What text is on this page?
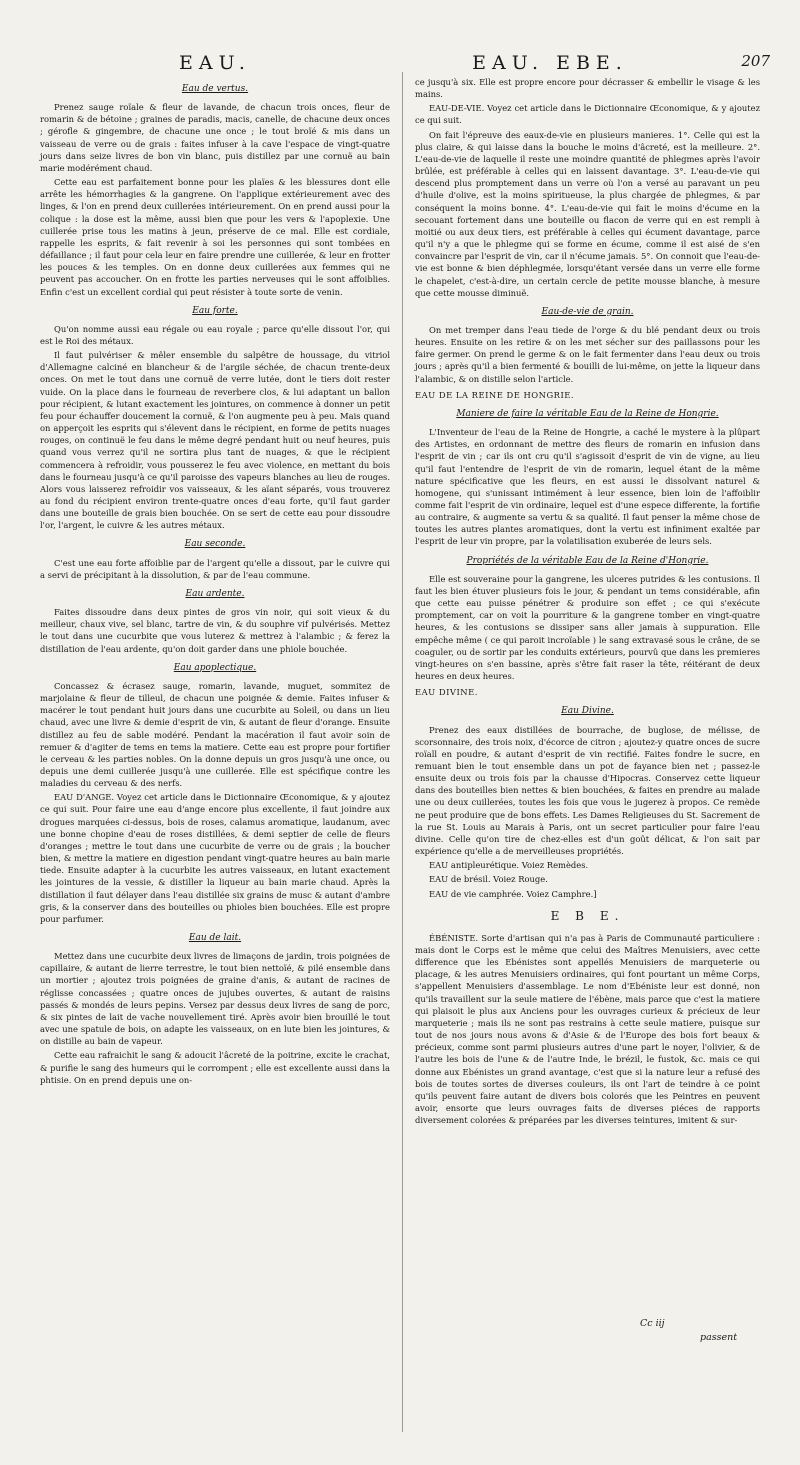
EAU.	EAU. EBE.	207
Eau de vertus.

Prenez sauge roïale & fleur de lavande, de chacun trois onces, fleur de romarin & de bétoine ; graines de paradis, macis, canelle, de chacune deux onces ; gérofle & gingembre, de chacune une once ; le tout broïé & mis dans un vaisseau de verre ou de grais : faites infuser à la cave l'espace de vingt-quatre jours dans seize livres de bon vin blanc, puis distillez par une cornuë au bain marie modérément chaud.

Cette eau est parfaitement bonne pour les plaïes & les blessures dont elle arrête les hémorrhagies & la gangrene. On l'applique extérieurement avec des linges, & l'on en prend deux cuillerées intérieurement. On en prend aussi pour la colique : la dose est la même, aussi bien que pour les vers & l'apoplexie. Une cuillerée prise tous les matins à jeun, préserve de ce mal. Elle est cordiale, rappelle les esprits, & fait revenir à soi les personnes qui sont tombées en défaillance ; il faut pour cela leur en faire prendre une cuillerée, & leur en frotter les pouces & les temples. On en donne deux cuillerées aux femmes qui ne peuvent pas accoucher. On en frotte les parties nerveuses qui le sont affoiblies. Enfin c'est un excellent cordial qui peut résister à toute sorte de venin.

Eau forte.

Qu'on nomme aussi eau régale ou eau royale ; parce qu'elle dissout l'or, qui est le Roi des métaux.

Il faut pulvériser & mêler ensemble du salpêtre de houssage, du vitriol d'Allemagne calciné en blancheur & de l'argile séchée, de chacun trente-deux onces. On met le tout dans une cornuë de verre lutée, dont le tiers doit rester vuide. On la place dans le fourneau de reverbere clos, & lui adaptant un ballon pour récipient, & lutant exactement les jointures, on commence à donner un petit feu pour échauffer doucement la cornuë, & l'on augmente peu à peu. Mais quand on apperçoit les esprits qui s'élevent dans le récipient, en forme de petits nuages rouges, on continuë le feu dans le même degré pendant huit ou neuf heures, puis quand vous verrez qu'il ne sortira plus tant de nuages, & que le récipient commencera à refroidir, vous pousserez le feu avec violence, en mettant du bois dans le fourneau jusqu'à ce qu'il paroisse des vapeurs blanches au lieu de rouges. Alors vous laisserez refroidir vos vaisseaux, & les aïant séparés, vous trouverez au fond du récipient environ trente-quatre onces d'eau forte, qu'il faut garder dans une bouteille de grais bien bouchée. On se sert de cette eau pour dissoudre l'or, l'argent, le cuivre & les autres métaux.

Eau seconde.

C'est une eau forte affoiblie par de l'argent qu'elle a dissout, par le cuivre qui a servi de précipitant à la dissolution, & par de l'eau commune.

Eau ardente.

Faites dissoudre dans deux pintes de gros vin noir, qui soit vieux & du meilleur, chaux vive, sel blanc, tartre de vin, & du souphre vif pulvérisés. Mettez le tout dans une cucurbite que vous luterez & mettrez à l'alambic ; & ferez la distillation de l'eau ardente, qu'on doit garder dans une phiole bouchée.

Eau apoplectique.

Concassez & écrasez sauge, romarin, lavande, muguet, sommitez de marjolaine & fleur de tilleul, de chacun une poignée & demie. Faites infuser & macérer le tout pendant huit jours dans une cucurbite au Soleil, ou dans un lieu chaud, avec une livre & demie d'esprit de vin, & autant de fleur d'orange. Ensuite distillez au feu de sable modéré. Pendant la macération il faut avoir soin de remuer & d'agiter de tems en tems la matiere. Cette eau est propre pour fortifier le cerveau & les parties nobles. On la donne depuis un gros jusqu'à une once, ou depuis une demi cuillerée jusqu'à une cuillerée. Elle est spécifique contre les maladies du cerveau & des nerfs.

EAU D'ANGE. Voyez cet article dans le Dictionnaire Œconomique, & y ajoutez ce qui suit. Pour faire une eau d'ange encore plus excellente, il faut joindre aux drogues marquées ci-dessus, bois de roses, calamus aromatique, laudanum, avec une bonne chopine d'eau de roses distillées, & demi septier de celle de fleurs d'oranges ; mettre le tout dans une cucurbite de verre ou de grais ; la boucher bien, & mettre la matiere en digestion pendant vingt-quatre heures au bain marie tiede. Ensuite adapter à la cucurbite les autres vaisseaux, en lutant exactement les jointures de la vessie, & distiller la liqueur au bain marie chaud. Après la distillation il faut délayer dans l'eau distillée six grains de musc & autant d'ambre gris, & la conserver dans des bouteilles ou phioles bien bouchées. Elle est propre pour parfumer.

Eau de lait.

Mettez dans une cucurbite deux livres de limaçons de jardin, trois poignées de capillaire, & autant de lierre terrestre, le tout bien nettoïé, & pilé ensemble dans un mortier ; ajoutez trois poignées de graine d'anis, & autant de racines de réglisse concassées ; quatre onces de jujubes ouvertes, & autant de raisins passés & mondés de leurs pepins. Versez par dessus deux livres de sang de porc, & six pintes de lait de vache nouvellement tiré. Après avoir bien brouillé le tout avec une spatule de bois, on adapte les vaisseaux, on en lute bien les jointures, & on distille au bain de vapeur.

Cette eau rafraichit le sang & adoucit l'âcreté de la poitrine, excite le crachat, & purifie le sang des humeurs qui le corrompent ; elle est excellente aussi dans la phtisie. On en prend depuis une on-

ce jusqu'à six. Elle est propre encore pour décrasser & embellir le visage & les mains.

EAU-DE-VIE. Voyez cet article dans le Dictionnaire Œconomique, & y ajoutez ce qui suit.

On fait l'épreuve des eaux-de-vie en plusieurs manieres. 1°. Celle qui est la plus claire, & qui laisse dans la bouche le moins d'âcreté, est la meilleure. 2°. L'eau-de-vie de laquelle il reste une moindre quantité de phlegmes après l'avoir brûlée, est préférable à celles qui en laissent davantage. 3°. L'eau-de-vie qui descend plus promptement dans un verre où l'on a versé au paravant un peu d'huile d'olive, est la moins spiritueuse, la plus chargée de phlegmes, & par conséquent la moins bonne. 4°. L'eau-de-vie qui fait le moins d'écume en la secouant fortement dans une bouteille ou flacon de verre qui en est rempli à moitié ou aux deux tiers, est préférable à celles qui écument davantage, parce qu'il n'y a que le phlegme qui se forme en écume, comme il est aisé de s'en convaincre par l'esprit de vin, car il n'écume jamais. 5°. On connoit que l'eau-de-vie est bonne & bien déphlegmée, lorsqu'étant versée dans un verre elle forme le chapelet, c'est-à-dire, un certain cercle de petite mousse blanche, à mesure que cette mousse diminuë.

Eau-de-vie de grain.

On met tremper dans l'eau tiede de l'orge & du blé pendant deux ou trois heures. Ensuite on les retire & on les met sécher sur des paillassons pour les faire germer. On prend le germe & on le fait fermenter dans l'eau deux ou trois jours ; après qu'il a bien fermenté & bouilli de lui-même, on jette la liqueur dans l'alambic, & on distille selon l'article.

EAU DE LA REINE DE HONGRIE.

Maniere de faire la véritable Eau de la Reine de Hongrie.

L'Inventeur de l'eau de la Reine de Hongrie, a caché le mystere à la plûpart des Artistes, en ordonnant de mettre des fleurs de romarin en infusion dans l'esprit de vin ; car ils ont cru qu'il s'agissoit d'esprit de vin de vigne, au lieu qu'il faut l'entendre de l'esprit de vin de romarin, lequel étant de la même nature spécificative que les fleurs, en est aussi le dissolvant naturel & homogene, qui s'unissant intimément à leur essence, bien loin de l'affoiblir comme fait l'esprit de vin ordinaire, lequel est d'une espece differente, la fortifie au contraire, & augmente sa vertu & sa qualité. Il faut penser la même chose de toutes les autres plantes aromatiques, dont la vertu est infiniment exaltée par l'esprit de leur vin propre, par la volatilisation exuberée de leurs sels.

Propriétés de la véritable Eau de la Reine d'Hongrie.

Elle est souveraine pour la gangrene, les ulceres putrides & les contusions. Il faut les bien étuver plusieurs fois le jour, & pendant un tems considérable, afin que cette eau puisse pénétrer & produire son effet ; ce qui s'exécute promptement, car on voit la pourriture & la gangrene tomber en vingt-quatre heures, & les contusions se dissiper sans aller jamais à suppuration. Elle empêche même ( ce qui paroit incroïable ) le sang extravasé sous le crâne, de se coaguler, ou de sortir par les conduits extérieurs, pourvû que dans les premieres vingt-heures on s'en bassine, après s'être fait raser la tête, réitérant de deux heures en deux heures.

EAU DIVINE.

Eau Divine.

Prenez des eaux distillées de bourrache, de buglose, de mélisse, de scorsonnaire, des trois noix, d'écorce de citron ; ajoutez-y quatre onces de sucre roïall en poudre, & autant d'esprit de vin rectifié. Faites fondre le sucre, en remuant bien le tout ensemble dans un pot de fayance bien net ; passez-le ensuite deux ou trois fois par la chausse d'Hipocras. Conservez cette liqueur dans des bouteilles bien nettes & bien bouchées, & faites en prendre au malade une ou deux cuillerées, toutes les fois que vous le jugerez à propos. Ce remède ne peut produire que de bons effets. Les Dames Religieuses du St. Sacrement de la rue St. Louis au Marais à Paris, ont un secret particulier pour faire l'eau divine. Celle qu'on tire de chez-elles est d'un goût délicat, & l'on sait par expérience qu'elle a de merveilleuses propriétés.

EAU antipleurétique. Voiez Remèdes.

EAU de brésil. Voiez Rouge.

EAU de vie camphrée. Voiez Camphre.]

E B E.

ÉBÉNISTE. Sorte d'artisan qui n'a pas à Paris de Communauté particuliere : mais dont le Corps est le même que celui des Maîtres Menuisiers, avec cette difference que les Ebénistes sont appellés Menuisiers de marqueterie ou placage, & les autres Menuisiers ordinaires, qui font pourtant un même Corps, s'appellent Menuisiers d'assemblage. Le nom d'Ebéniste leur est donné, non qu'ils travaillent sur la seule matiere de l'ébène, mais parce que c'est la matiere qui plaisoit le plus aux Anciens pour les ouvrages curieux & précieux de leur marqueterie ; mais ils ne sont pas restrains à cette seule matiere, puisque sur tout de nos jours nous avons & d'Asie & de l'Europe des bois fort beaux & précieux, comme sont parmi plusieurs autres d'une part le noyer, l'olivier, & de l'autre les bois de l'une & de l'autre Inde, le brézil, le fustok, &c. mais ce qui donne aux Ebénistes un grand avantage, c'est que si la nature leur a refusé des bois de toutes sortes de diverses couleurs, ils ont l'art de teindre à ce point qu'ils peuvent faire autant de divers bois colorés que les Peintres en peuvent avoir, ensorte que leurs ouvrages faits de diverses piéces de rapports diversement colorées & préparées par les diverses teintures, imitent & sur-

Cc iij
passent
